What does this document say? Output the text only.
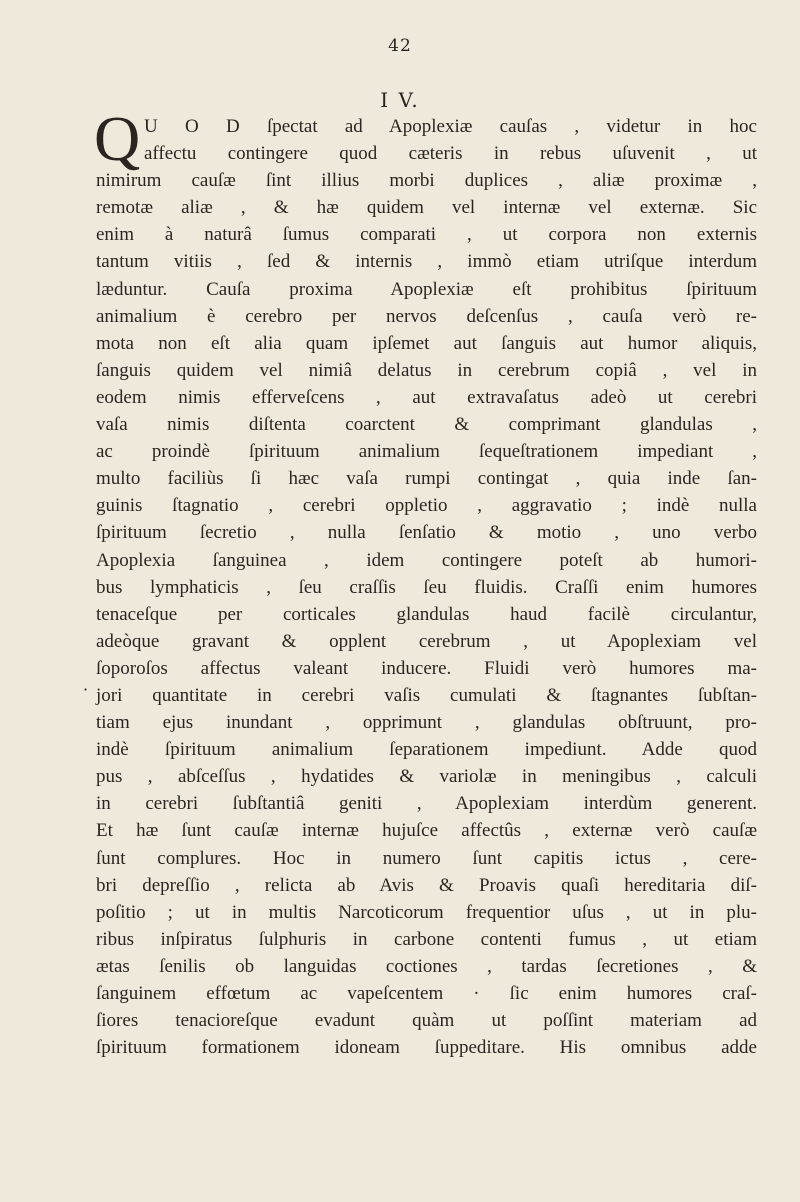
42
I V.
Q U O D ſpectat ad Apoplexiæ cauſas , videtur in hoc
affectu contingere quod cæteris in rebus uſuvenit , ut
nimirum cauſæ ſint illius morbi duplices , aliæ proximæ ,
remotæ aliæ , & hæ quidem vel internæ vel externæ. Sic
enim à naturâ ſumus comparati , ut corpora non externis
tantum vitiis , ſed & internis , immò etiam utriſque interdum
læduntur. Cauſa proxima Apoplexiæ eſt prohibitus ſpirituum
animalium è cerebro per nervos deſcenſus , cauſa verò re-
mota non eſt alia quam ipſemet aut ſanguis aut humor aliquis,
ſanguis quidem vel nimiâ delatus in cerebrum copiâ , vel in
eodem nimis efferveſcens , aut extravaſatus adeò ut cerebri
vaſa nimis diſtenta coarctent & comprimant glandulas ,
ac proindè ſpirituum animalium ſequeſtrationem impediant ,
multo faciliùs ſi hæc vaſa rumpi contingat , quia inde ſan-
guinis ſtagnatio , cerebri oppletio , aggravatio ; indè nulla
ſpirituum ſecretio , nulla ſenſatio & motio , uno verbo
Apoplexia ſanguinea , idem contingere poteſt ab humori-
bus lymphaticis , ſeu craſſis ſeu fluidis. Craſſi enim humores
tenaceſque per corticales glandulas haud facilè circulantur,
adeòque gravant & opplent cerebrum , ut Apoplexiam vel
ſoporoſos affectus valeant inducere. Fluidi verò humores ma-
jori quantitate in cerebri vaſis cumulati & ſtagnantes ſubſtan-
tiam ejus inundant , opprimunt , glandulas obſtruunt, pro-
indè ſpirituum animalium ſeparationem impediunt. Adde quod
pus , abſceſſus , hydatides & variolæ in meningibus , calculi
in cerebri ſubſtantiâ geniti , Apoplexiam interdùm generent.
Et hæ ſunt cauſæ internæ hujuſce affectûs , externæ verò cauſæ
ſunt complures. Hoc in numero ſunt capitis ictus , cere-
bri depreſſio , relicta ab Avis & Proavis quaſi hereditaria diſ-
poſitio ; ut in multis Narcoticorum frequentior uſus , ut in plu-
ribus inſpiratus ſulphuris in carbone contenti fumus , ut etiam
ætas ſenilis ob languidas coctiones , tardas ſecretiones , &
ſanguinem effœtum ac vapeſcentem · ſic enim humores craſ-
ſiores tenacioreſque evadunt quàm ut poſſint materiam ad
ſpirituum formationem idoneam ſuppeditare. His omnibus adde
·
